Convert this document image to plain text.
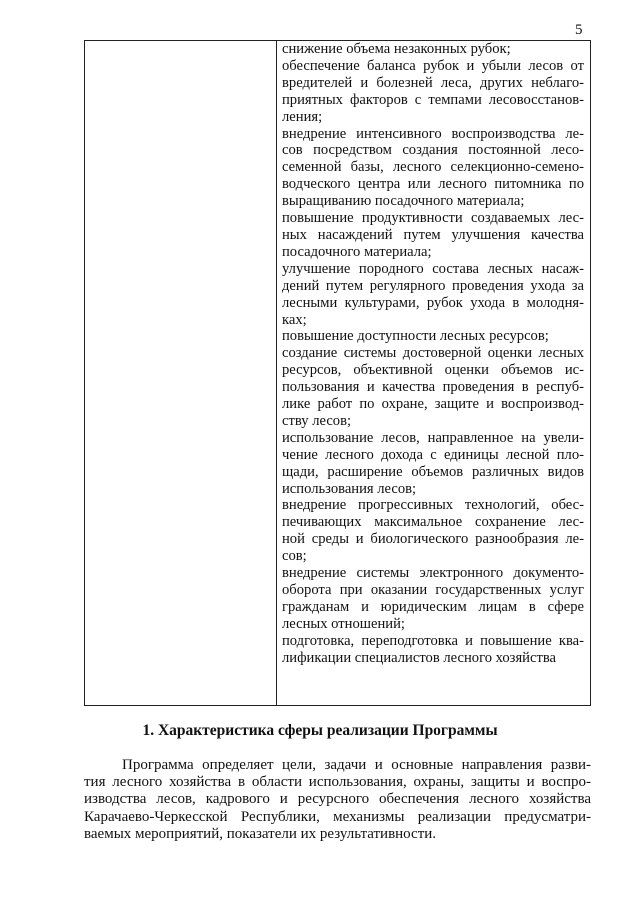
5
снижение объема незаконных рубок;
обеспечение баланса рубок и убыли лесов от
вредителей и болезней леса, других неблаго-
приятных факторов с темпами лесовосстанов-
ления;
внедрение интенсивного воспроизводства ле-
сов посредством создания постоянной лесо-
семенной базы, лесного селекционно-семено-
водческого центра или лесного питомника по
выращиванию посадочного материала;
повышение продуктивности создаваемых лес-
ных насаждений путем улучшения качества
посадочного материала;
улучшение породного состава лесных насаж-
дений путем регулярного проведения ухода за
лесными культурами, рубок ухода в молодня-
ках;
повышение доступности лесных ресурсов;
создание системы достоверной оценки лесных
ресурсов, объективной оценки объемов ис-
пользования и качества проведения в респуб-
лике работ по охране, защите и воспроизвод-
ству лесов;
использование лесов, направленное на увели-
чение лесного дохода с единицы лесной пло-
щади, расширение объемов различных видов
использования лесов;
внедрение прогрессивных технологий, обес-
печивающих максимальное сохранение лес-
ной среды и биологического разнообразия ле-
сов;
внедрение системы электронного документо-
оборота при оказании государственных услуг
гражданам и юридическим лицам в сфере
лесных отношений;
подготовка, переподготовка и повышение ква-
лификации специалистов лесного хозяйства
1. Характеристика сферы реализации Программы
Программа определяет цели, задачи и основные направления разви-
тия лесного хозяйства в области использования, охраны, защиты и воспро-
изводства лесов, кадрового и ресурсного обеспечения лесного хозяйства
Карачаево-Черкесской Республики, механизмы реализации предусматри-
ваемых мероприятий, показатели их результативности.
